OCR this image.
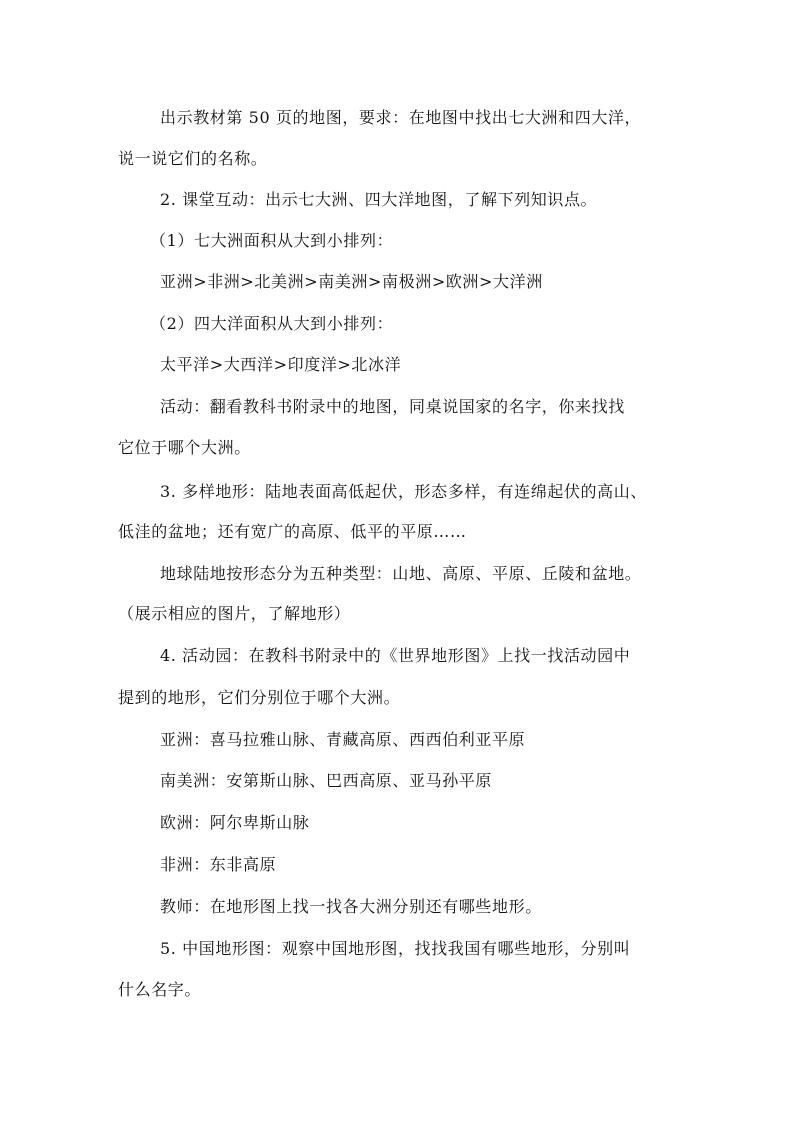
出示教材第 50 页的地图，要求：在地图中找出七大洲和四大洋，
说一说它们的名称。
2. 课堂互动：出示七大洲、四大洋地图，了解下列知识点。
（1）七大洲面积从大到小排列：
亚洲>非洲>北美洲>南美洲>南极洲>欧洲>大洋洲
（2）四大洋面积从大到小排列：
太平洋>大西洋>印度洋>北冰洋
活动：翻看教科书附录中的地图，同桌说国家的名字，你来找找
它位于哪个大洲。
3. 多样地形：陆地表面高低起伏，形态多样，有连绵起伏的高山、
低洼的盆地；还有宽广的高原、低平的平原……
地球陆地按形态分为五种类型：山地、高原、平原、丘陵和盆地。
（展示相应的图片，了解地形）
4. 活动园：在教科书附录中的《世界地形图》上找一找活动园中
提到的地形，它们分别位于哪个大洲。
亚洲：喜马拉雅山脉、青藏高原、西西伯利亚平原
南美洲：安第斯山脉、巴西高原、亚马孙平原
欧洲：阿尔卑斯山脉
非洲：东非高原
教师：在地形图上找一找各大洲分别还有哪些地形。
5. 中国地形图：观察中国地形图，找找我国有哪些地形，分别叫
什么名字。
